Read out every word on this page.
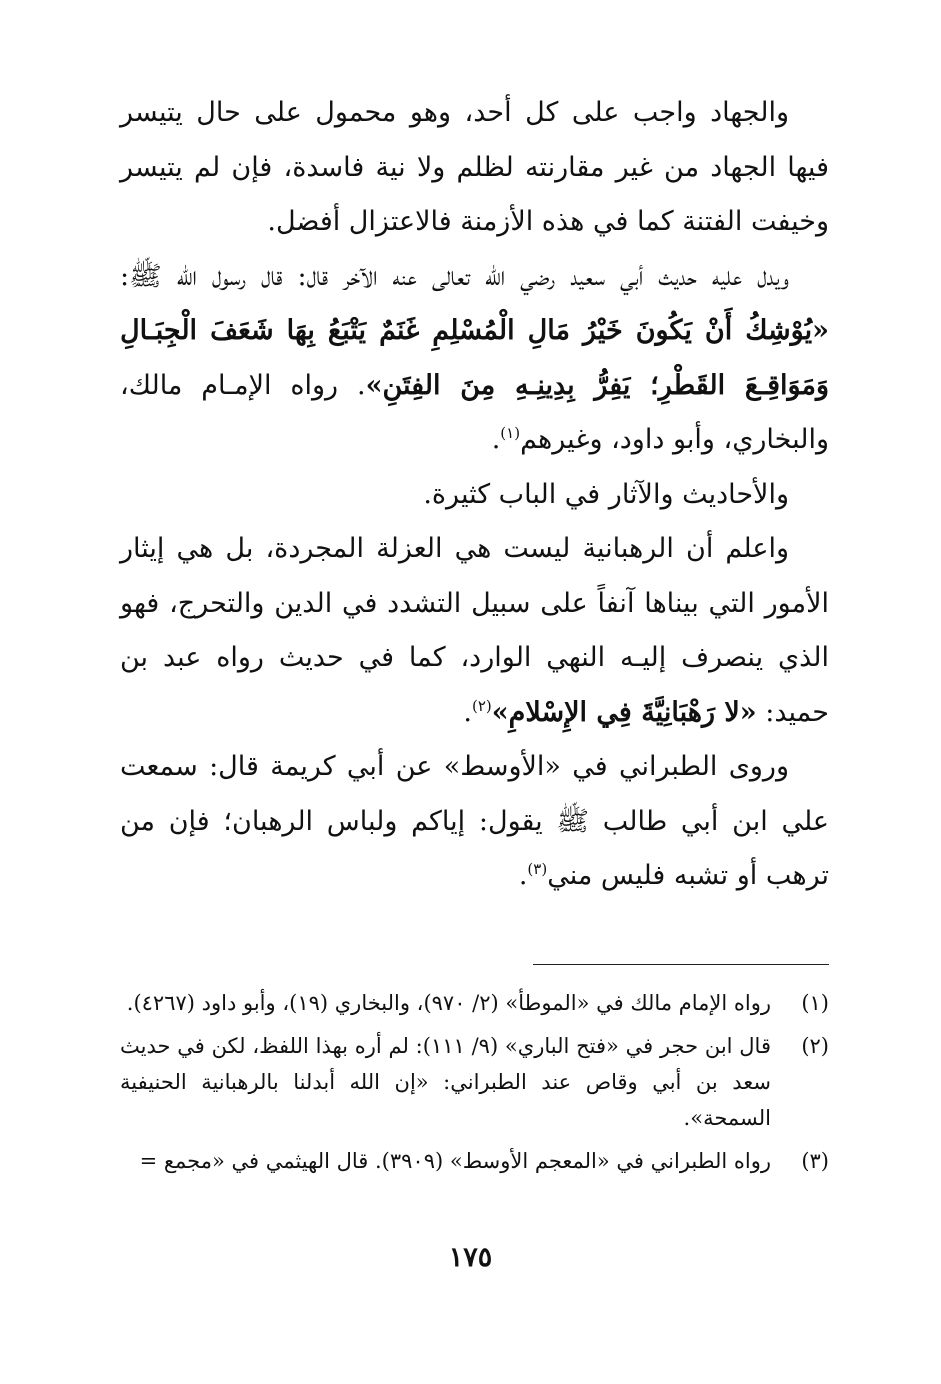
والجهاد واجب على كل أحد، وهو محمول على حال يتيسر فيها الجهاد من غير مقارنته لظلم ولا نية فاسدة، فإن لم يتيسر وخيفت الفتنة كما في هذه الأزمنة فالاعتزال أفضل.

ويدل عليه حديث أبي سعيد رضي الله تعالى عنه الآخر قال: قال رسول الله ﷺ: «يُوْشِكُ أَنْ يَكُونَ خَيْرُ مَالِ الْمُسْلِمِ غَنَمٌ يَتْبَعُ بِهَا شَعَفَ الْجِبَـالِ وَمَوَاقِـعَ القَطْرِ؛ يَفِرُّ بِدِينِـهِ مِنَ الفِتَنِ». رواه الإمـام مالك، والبخاري، وأبو داود، وغيرهم$^{(١)}$.

والأحاديث والآثار في الباب كثيرة.

واعلم أن الرهبانية ليست هي العزلة المجردة، بل هي إيثار الأمور التي بيناها آنفاً على سبيل التشدد في الدين والتحرج، فهو الذي ينصرف إليـه النهي الوارد، كما في حديث رواه عبد بن حميد: «لا رَهْبَانِيَّةَ فِي الإِسْلامِ»$^{(٢)}$.

وروى الطبراني في «الأوسط» عن أبي كريمة قال: سمعت علي ابن أبي طالب ﷺ يقول: إياكم ولباس الرهبان؛ فإن من ترهب أو تشبه فليس مني$^{(٣)}$.

(١)
رواه الإمام مالك في «الموطأ» (٢/ ٩٧٠)، والبخاري (١٩)، وأبو داود (٤٢٦٧).
(٢)
قال ابن حجر في «فتح الباري» (٩/ ١١١): لم أره بهذا اللفظ، لكن في حديث سعد بن أبي وقاص عند الطبراني: «إن الله أبدلنا بالرهبانية الحنيفية السمحة».
(٣)
رواه الطبراني في «المعجم الأوسط» (٣٩٠٩). قال الهيثمي في «مجمع =
١٧٥
